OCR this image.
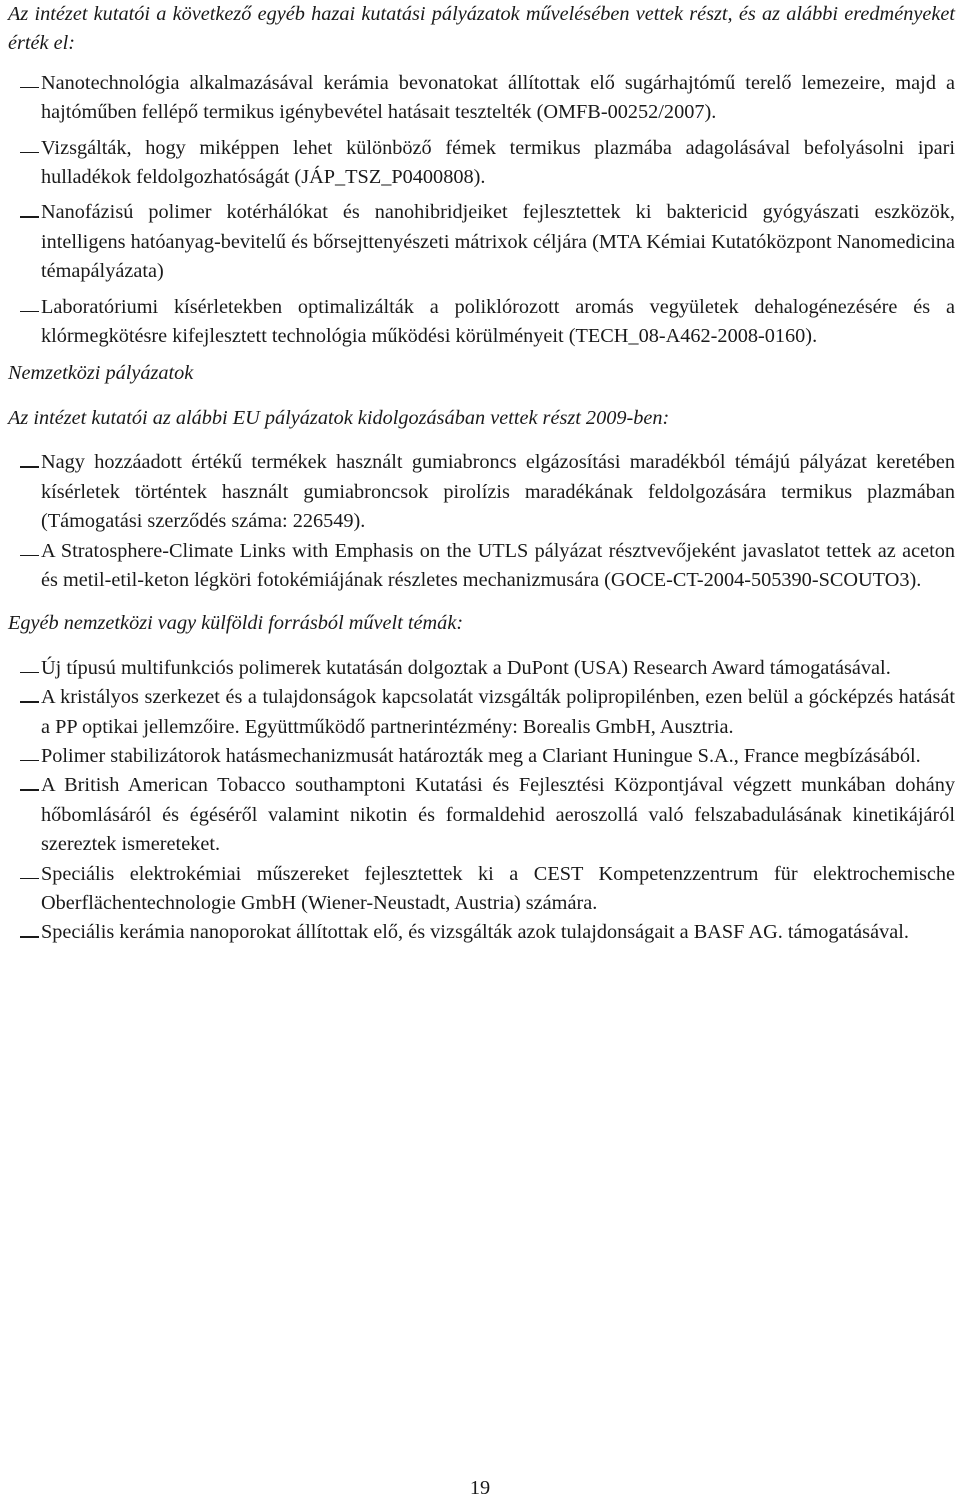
Az intézet kutatói a következő egyéb hazai kutatási pályázatok művelésében vettek részt, és az alábbi eredményeket érték el:

Nanotechnológia alkalmazásával kerámia bevonatokat állítottak elő sugárhajtómű terelő lemezeire, majd a hajtóműben fellépő termikus igénybevétel hatásait tesztelték (OMFB-00252/2007).
Vizsgálták, hogy miképpen lehet különböző fémek termikus plazmába adagolásával befolyásolni ipari hulladékok feldolgozhatóságát (JÁP_TSZ_P0400808).
Nanofázisú polimer kotérhálókat és nanohibridjeiket fejlesztettek ki baktericid gyógyászati eszközök, intelligens hatóanyag-bevitelű és bőrsejttenyészeti mátrixok céljára (MTA Kémiai Kutatóközpont Nanomedicina témapályázata)
Laboratóriumi kísérletekben optimalizálták a poliklórozott aromás vegyületek dehalogénezésére és a klórmegkötésre kifejlesztett technológia működési körülményeit (TECH_08-A462-2008-0160).

Nemzetközi pályázatok

Az intézet kutatói az alábbi EU pályázatok kidolgozásában vettek részt 2009-ben:

Nagy hozzáadott értékű termékek használt gumiabroncs elgázosítási maradékból témájú pályázat keretében kísérletek történtek használt gumiabroncsok pirolízis maradékának feldolgozására termikus plazmában (Támogatási szerződés száma: 226549).
A Stratosphere-Climate Links with Emphasis on the UTLS pályázat résztvevőjeként javaslatot tettek az aceton és metil-etil-keton légköri fotokémiájának részletes mechanizmusára (GOCE-CT-2004-505390-SCOUTO3).

Egyéb nemzetközi vagy külföldi forrásból művelt témák:

Új típusú multifunkciós polimerek kutatásán dolgoztak a DuPont (USA) Research Award támogatásával.
A kristályos szerkezet és a tulajdonságok kapcsolatát vizsgálták polipropilénben, ezen belül a gócképzés hatását a PP optikai jellemzőire. Együttműködő partnerintézmény: Borealis GmbH, Ausztria.
Polimer stabilizátorok hatásmechanizmusát határozták meg a Clariant Huningue S.A., France megbízásából.
A British American Tobacco southamptoni Kutatási és Fejlesztési Központjával végzett munkában dohány hőbomlásáról és égéséről valamint nikotin és formaldehid aeroszollá való felszabadulásának kinetikájáról szereztek ismereteket.
Speciális elektrokémiai műszereket fejlesztettek ki a CEST Kompetenzzentrum für elektrochemische Oberflächentechnologie GmbH (Wiener-Neustadt, Austria) számára.
Speciális kerámia nanoporokat állítottak elő, és vizsgálták azok tulajdonságait a BASF AG. támogatásával.
19
